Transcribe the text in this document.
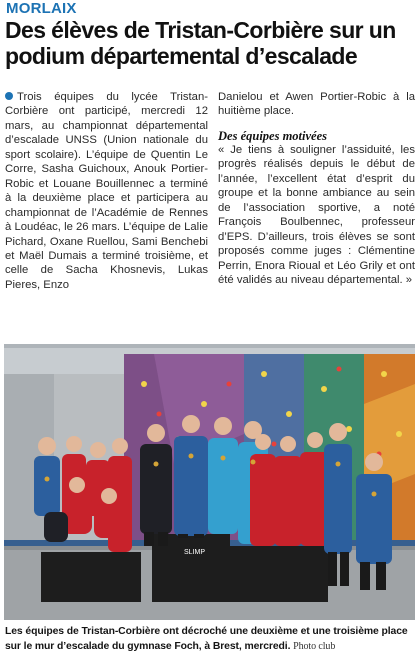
MORLAIX
Des élèves de Tristan-Corbière sur un podium départemental d’escalade

Trois équipes du lycée Tristan-Corbière ont participé, mercredi 12 mars, au championnat départemental d’escalade UNSS (Union nationale du sport scolaire). L’équipe de Quentin Le Corre, Sasha Guichoux, Anouk Portier-Robic et Louane Bouillennec a terminé à la deuxième place et participera au championnat de l’Académie de Rennes à Loudéac, le 26 mars. L’équipe de Lalie Pichard, Oxane Ruellou, Sami Benchebi et Maël Dumais a terminé troisième, et celle de Sacha Khosnevis, Lukas Pieres, Enzo

Danielou et Awen Portier-Robic à la huitième place.

Des équipes motivées

« Je tiens à souligner l’assiduité, les progrès réalisés depuis le début de l’année, l’excellent état d’esprit du groupe et la bonne ambiance au sein de l’association sportive, a noté François Boulbennec, professeur d’EPS. D’ailleurs, trois élèves se sont proposés comme juges : Clémentine Perrin, Enora Rioual et Léo Grily et ont été validés au niveau départemental. »

SLIMP

Les équipes de Tristan-Corbière ont décroché une deuxième et une troisième place sur le mur d’escalade du gymnase Foch, à Brest, mercredi. Photo club
